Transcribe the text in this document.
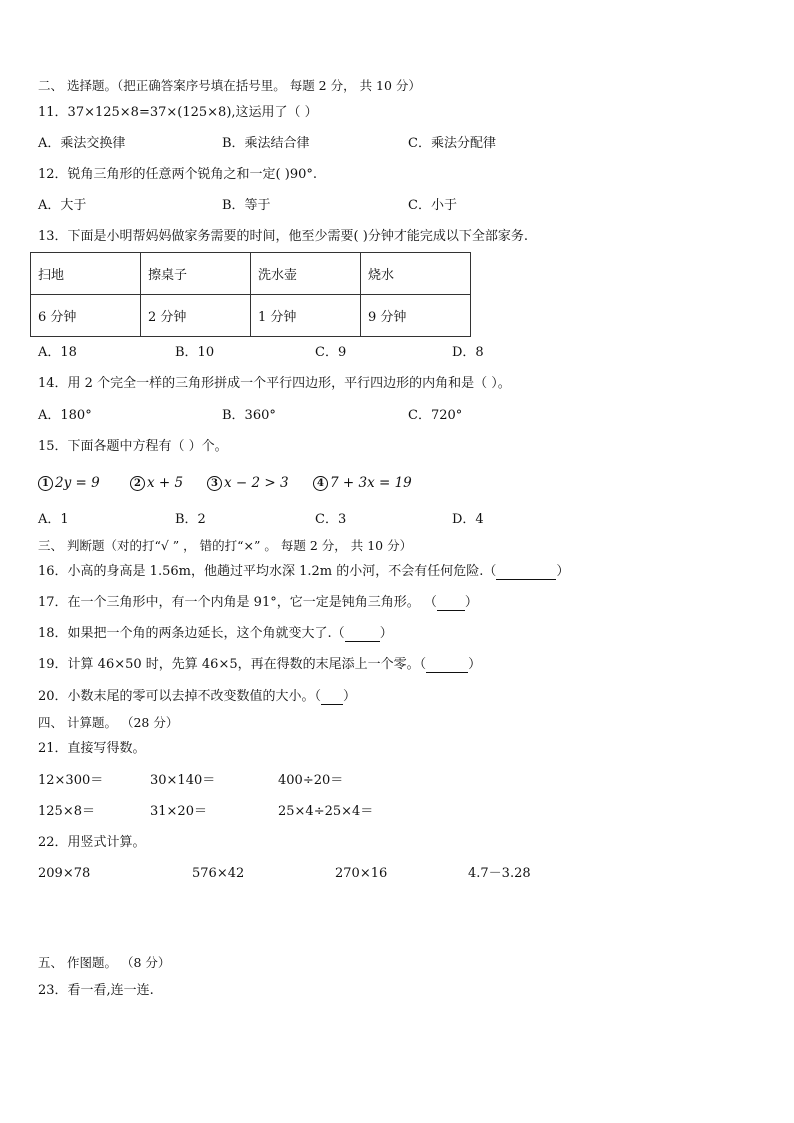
二、 选择题。（把正确答案序号填在括号里。 每题 2 分， 共 10 分）
11．37×125×8=37×(125×8),这运用了（ ）
A．乘法交换律	B．乘法结合律	C．乘法分配律
12．锐角三角形的任意两个锐角之和一定( )90°.
A．大于	B．等于	C．小于
13．下面是小明帮妈妈做家务需要的时间，他至少需要( )分钟才能完成以下全部家务.
扫地	擦桌子	洗水壶	烧水
6 分钟	2 分钟	1 分钟	9 分钟
A．18	B．10	C．9	D．8
14．用 2 个完全一样的三角形拼成一个平行四边形，平行四边形的内角和是（ ）。
A．180°	B．360°	C．720°
15．下面各题中方程有（ ）个。
1 2y = 9	2 x + 5	3 x − 2 > 3	4 7 + 3x = 19
A．1	B．2	C．3	D．4
三、 判断题（对的打“√ ” ， 错的打“×” 。 每题 2 分， 共 10 分）
16．小高的身高是 1.56m，他趟过平均水深 1.2m 的小河，不会有任何危险.（	）
17．在一个三角形中，有一个内角是 91°，它一定是钝角三角形。 （ ）
18．如果把一个角的两条边延长，这个角就变大了.（	）
19．计算 46×50 时，先算 46×5，再在得数的末尾添上一个零。（	）
20．小数末尾的零可以去掉不改变数值的大小。（ ）
四、 计算题。 （28 分）
21．直接写得数。
12×300＝	30×140＝	400÷20＝
125×8＝	31×20＝	25×4÷25×4＝
22．用竖式计算。
209×78	576×42	270×16	4.7－3.28
五、 作图题。 （8 分）
23．看一看,连一连.
